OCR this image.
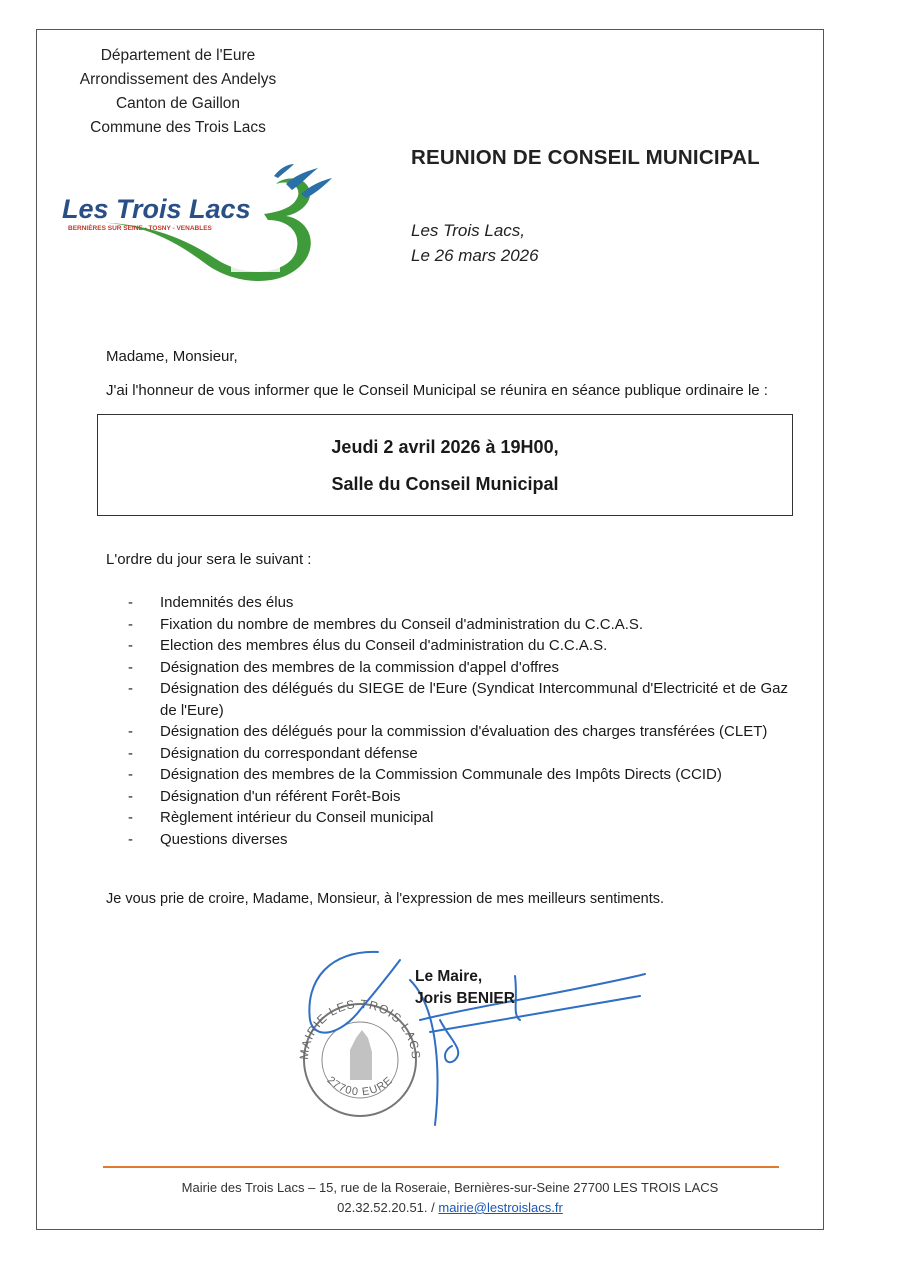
Département de l'Eure
Arrondissement des Andelys
Canton de Gaillon
Commune des Trois Lacs
REUNION DE CONSEIL MUNICIPAL
Les Trois Lacs
BERNIÈRES SUR SEINE - TOSNY - VENABLES	Les Trois Lacs,
Le 26 mars 2026
Madame, Monsieur,
J'ai l'honneur de vous informer que le Conseil Municipal se réunira en séance publique ordinaire le :
Jeudi 2 avril 2026 à 19H00,
Salle du Conseil Municipal
L'ordre du jour sera le suivant :
- Indemnités des élus
- Fixation du nombre de membres du Conseil d'administration du C.C.A.S.
- Election des membres élus du Conseil d'administration du C.C.A.S.
- Désignation des membres de la commission d'appel d'offres
- Désignation des délégués du SIEGE de l'Eure (Syndicat Intercommunal d'Electricité et de Gaz de l'Eure)
- Désignation des délégués pour la commission d'évaluation des charges transférées (CLET)
- Désignation du correspondant défense
- Désignation des membres de la Commission Communale des Impôts Directs (CCID)
- Désignation d'un référent Forêt-Bois
- Règlement intérieur du Conseil municipal
- Questions diverses
Je vous prie de croire, Madame, Monsieur, à l'expression de mes meilleurs sentiments.
MAIRIE LES TROIS LACS
27700 EURE
Le Maire,
Joris BENIER
Mairie des Trois Lacs – 15, rue de la Roseraie, Bernières-sur-Seine 27700 LES TROIS LACS
02.32.52.20.51. / mairie@lestroislacs.fr
